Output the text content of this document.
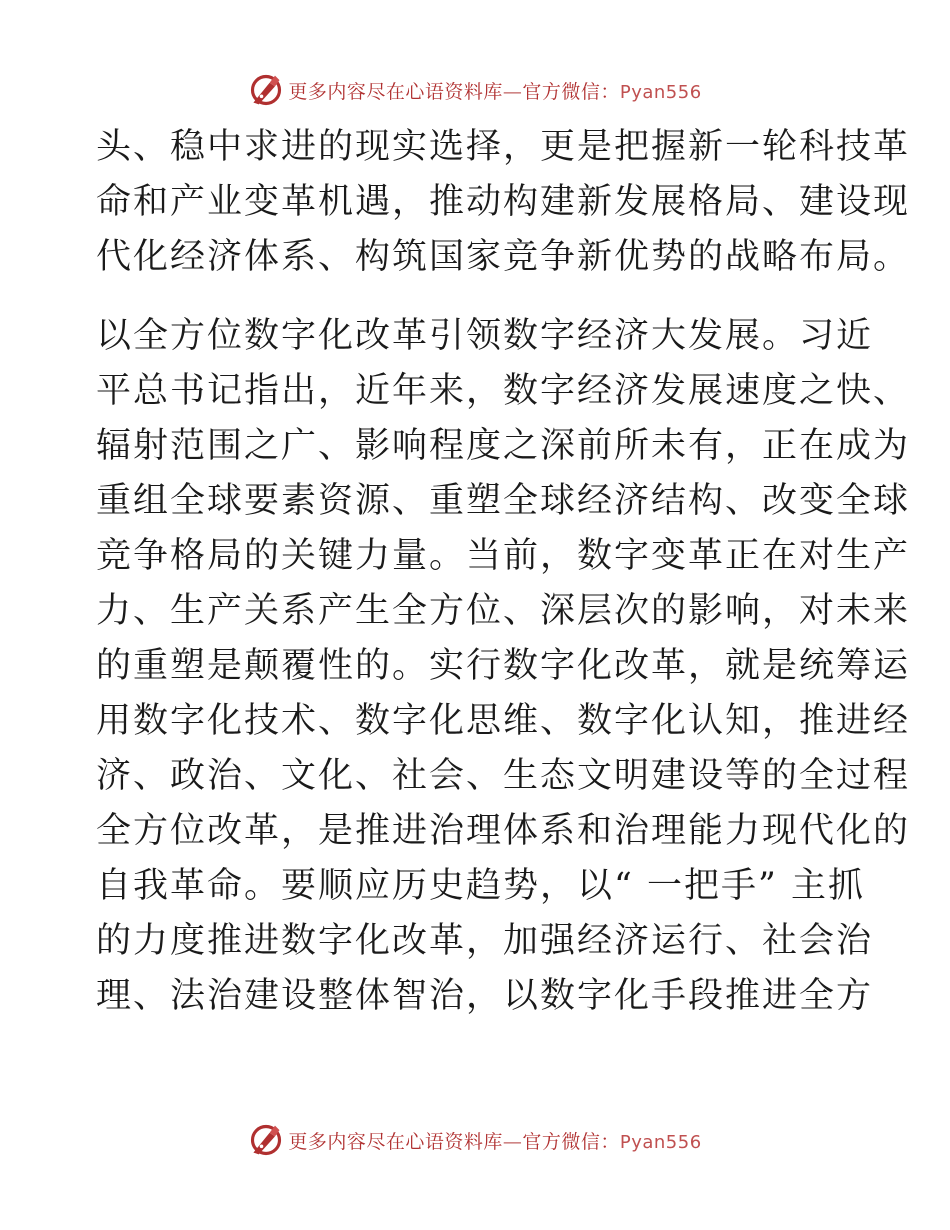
更多内容尽在心语资料库—官方微信：Pyan556
头、稳中求进的现实选择，更是把握新一轮科技革
命和产业变革机遇，推动构建新发展格局、建设现
代化经济体系、构筑国家竞争新优势的战略布局。
以全方位数字化改革引领数字经济大发展。习近
平总书记指出，近年来，数字经济发展速度之快、
辐射范围之广、影响程度之深前所未有，正在成为
重组全球要素资源、重塑全球经济结构、改变全球
竞争格局的关键力量。当前，数字变革正在对生产
力、生产关系产生全方位、深层次的影响，对未来
的重塑是颠覆性的。实行数字化改革，就是统筹运
用数字化技术、数字化思维、数字化认知，推进经
济、政治、文化、社会、生态文明建设等的全过程
全方位改革，是推进治理体系和治理能力现代化的
自我革命。要顺应历史趋势，以“ 一把手” 主抓
的力度推进数字化改革，加强经济运行、社会治
理、法治建设整体智治，以数字化手段推进全方
更多内容尽在心语资料库—官方微信：Pyan556
